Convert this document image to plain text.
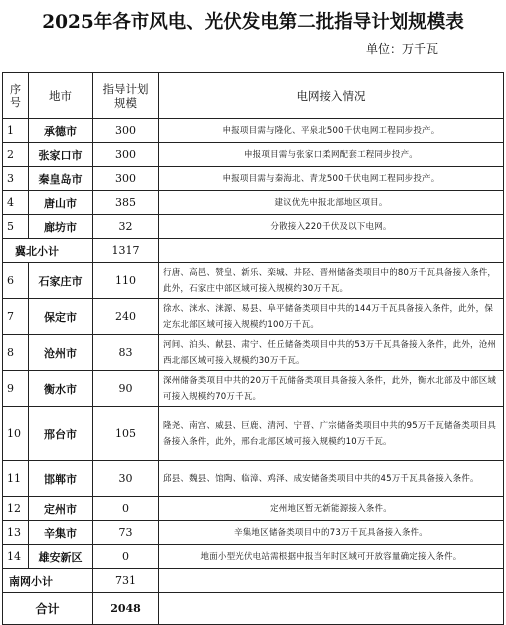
2025年各市风电、光伏发电第二批指导计划规模表
单位：万千瓦
序号	地市	指导计划规模	电网接入情况
1	承德市	300	申报项目需与隆化、平泉北500千伏电网工程同步投产。
2	张家口市	300	申报项目需与张家口柔网配套工程同步投产。
3	秦皇岛市	300	申报项目需与秦海北、青龙500千伏电网工程同步投产。
4	唐山市	385	建议优先申报北部地区项目。
5	廊坊市	32	分散接入220千伏及以下电网。
冀北小计		1317	
6	石家庄市	110	行唐、高邑、赞皇、新乐、栾城、井陉、晋州储备类项目中的80万千瓦具备接入条件，此外，石家庄中部区域可接入规模约30万千瓦。
7	保定市	240	徐水、涞水、涞源、易县、阜平储备类项目中共的144万千瓦具备接入条件，此外，保定东北部区域可接入规模约100万千瓦。
8	沧州市	83	河间、泊头、献县、肃宁、任丘储备类项目中共的53万千瓦具备接入条件，此外，沧州西北部区域可接入规模约30万千瓦。
9	衡水市	90	深州储备类项目中共的20万千瓦储备类项目具备接入条件，此外，衡水北部及中部区域可接入规模约70万千瓦。
10	邢台市	105	隆尧、南宫、威县、巨鹿、清河、宁晋、广宗储备类项目中共的95万千瓦储备类项目具备接入条件，此外，邢台北部区域可接入规模约10万千瓦。
11	邯郸市	30	邱县、魏县、馆陶、临漳、鸡泽、成安储备类项目中共的45万千瓦具备接入条件。
12	定州市	0	定州地区暂无新能源接入条件。
13	辛集市	73	辛集地区储备类项目中的73万千瓦具备接入条件。
14	雄安新区	0	地面小型光伏电站需根据申报当年时区域可开放容量确定接入条件。
南网小计		731	
合计		2048	
